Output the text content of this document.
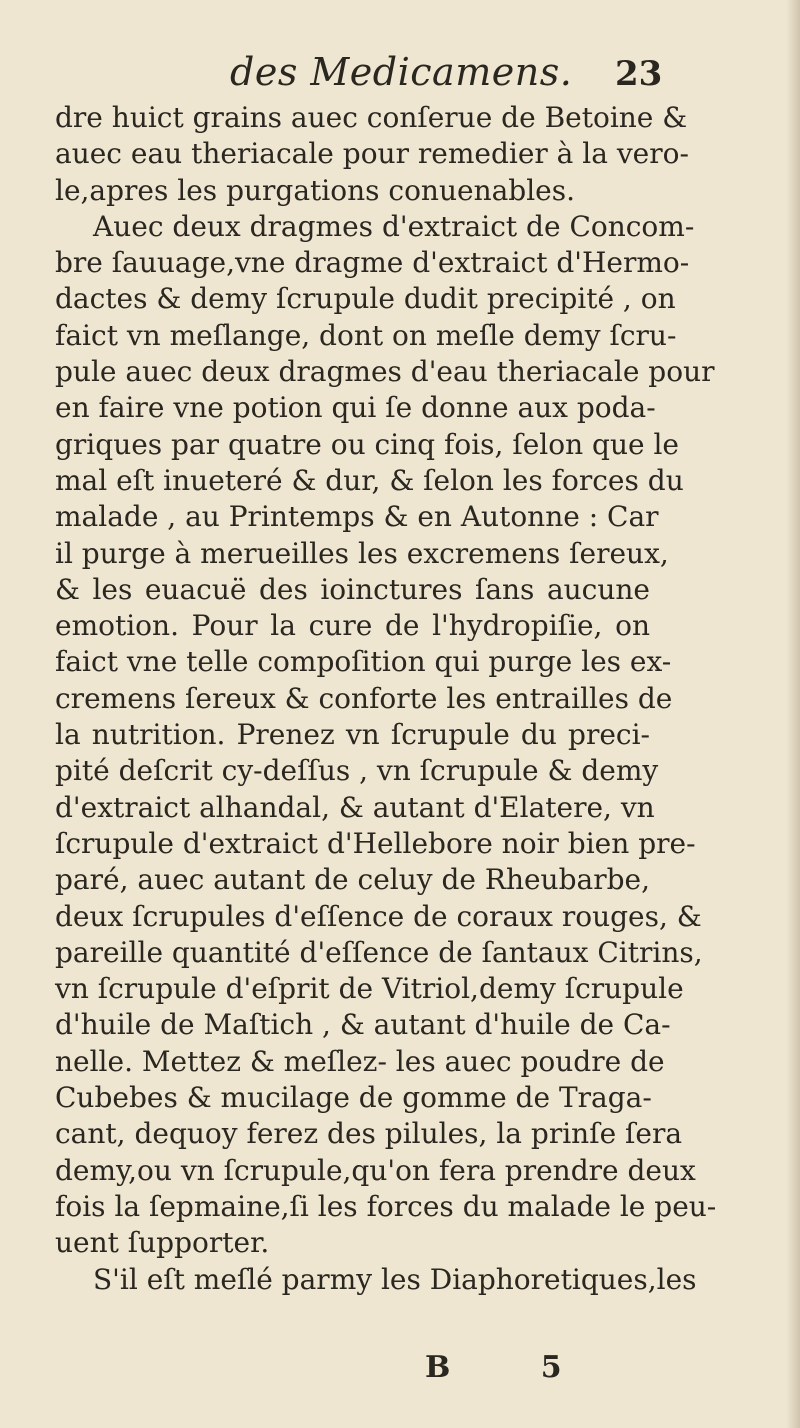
des Medicamens. 23
dre huict grains auec conſerue de Betoine &
auec eau theriacale pour remedier à la vero-
le,apres les purgations conuenables.
Auec deux dragmes d'extraict de Concom-
bre ſauuage,vne dragme d'extraict d'Hermo-
dactes & demy ſcrupule dudit precipité , on
faict vn meſlange, dont on meſle demy ſcru-
pule auec deux dragmes d'eau theriacale pour
en faire vne potion qui ſe donne aux poda-
griques par quatre ou cinq fois, ſelon que le
mal eſt inueteré & dur, & ſelon les forces du
malade , au Printemps & en Autonne : Car
il purge à merueilles les excremens ſereux,
& les euacuë des ioinctures ſans aucune
emotion. Pour la cure de l'hydropiſie, on
faict vne telle compoſition qui purge les ex-
cremens ſereux & conforte les entrailles de
la nutrition. Prenez vn ſcrupule du preci-
pité deſcrit cy-deſſus , vn ſcrupule & demy
d'extraict alhandal, & autant d'Elatere, vn
ſcrupule d'extraict d'Hellebore noir bien pre-
paré, auec autant de celuy de Rheubarbe,
deux ſcrupules d'eſſence de coraux rouges, &
pareille quantité d'eſſence de ſantaux Citrins,
vn ſcrupule d'eſprit de Vitriol,demy ſcrupule
d'huile de Maſtich , & autant d'huile de Ca-
nelle. Mettez & meſlez- les auec poudre de
Cubebes & mucilage de gomme de Traga-
cant, dequoy ferez des pilules, la prinſe ſera
demy,ou vn ſcrupule,qu'on fera prendre deux
fois la ſepmaine,ſi les forces du malade le peu-
uent ſupporter.
S'il eſt meſlé parmy les Diaphoretiques,les
B 5
